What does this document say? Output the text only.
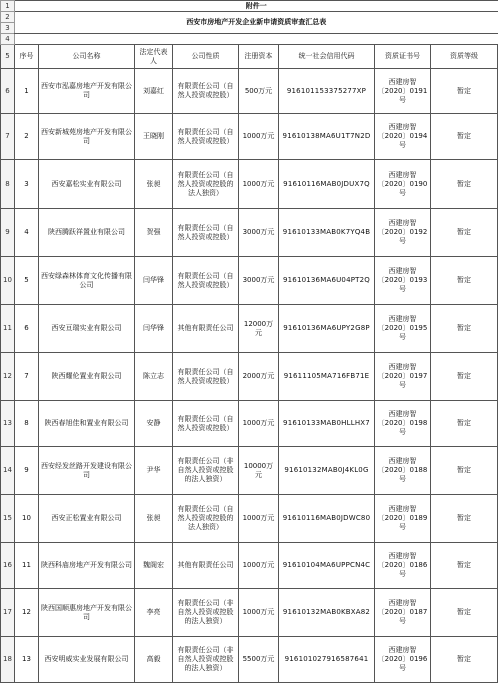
1	附件一							
2	西安市房地产开发企业新申请资质审查汇总表							
3								
4								
5	序号	公司名称	法定代表人	公司性质	注册资本	统一社会信用代码	资质证书号	资质等级
6	1	西安市泓嘉房地产开发有限公司	刘嘉红	有限责任公司（自然人投资或控股）	500万元	916101153375277XP	西建房智〔2020〕0191号	暂定
7	2	西安新城苑房地产开发有限公司	王晓刚	有限责任公司（自然人投资或控股）	1000万元	91610138MA6U1T7N2D	西建房智〔2020〕0194号	暂定
8	3	西安嘉松实业有限公司	张昶	有限责任公司（自然人投资或控股的法人独资）	1000万元	91610116MAB0JDUX7Q	西建房智〔2020〕0190号	暂定
9	4	陕西腾跃祥置业有限公司	贺强	有限责任公司（自然人投资或控股）	3000万元	91610133MAB0K7YQ4B	西建房智〔2020〕0192号	暂定
10	5	西安绿森林体育文化传播有限公司	闫华锋	有限责任公司（自然人投资或控股）	3000万元	91610136MA6U04PT2Q	西建房智〔2020〕0193号	暂定
11	6	西安亘瑞实业有限公司	闫华锋	其他有限责任公司	12000万元	91610136MA6UPY2G8P	西建房智〔2020〕0195号	暂定
12	7	陕西耀伦置业有限公司	陈立志	有限责任公司（自然人投资或控股）	2000万元	91611105MA716FB71E	西建房智〔2020〕0197号	暂定
13	8	陕西春旭佳和置业有限公司	安静	有限责任公司（自然人投资或控股）	1000万元	91610133MAB0HLLHX7	西建房智〔2020〕0198号	暂定
14	9	西安经发丝路开发建设有限公司	尹华	有限责任公司（非自然人投资或控股的法人独资）	10000万元	91610132MAB0J4KL0G	西建房智〔2020〕0188号	暂定
15	10	西安正松置业有限公司	张昶	有限责任公司（自然人投资或控股的法人独资）	1000万元	91610116MAB0JDWC80	西建房智〔2020〕0189号	暂定
16	11	陕西科庙房地产开发有限公司	魏阁宏	其他有限责任公司	1000万元	91610104MA6UPPCN4C	西建房智〔2020〕0186号	暂定
17	12	陕西国顺惠房地产开发有限公司	李亮	有限责任公司（非自然人投资或控股的法人独资）	1000万元	91610132MAB0KBXA82	西建房智〔2020〕0187号	暂定
18	13	西安明威实业发展有限公司	高毅	有限责任公司（非自然人投资或控股的法人独资）	5500万元	916101027916587641	西建房智〔2020〕0196号	暂定
